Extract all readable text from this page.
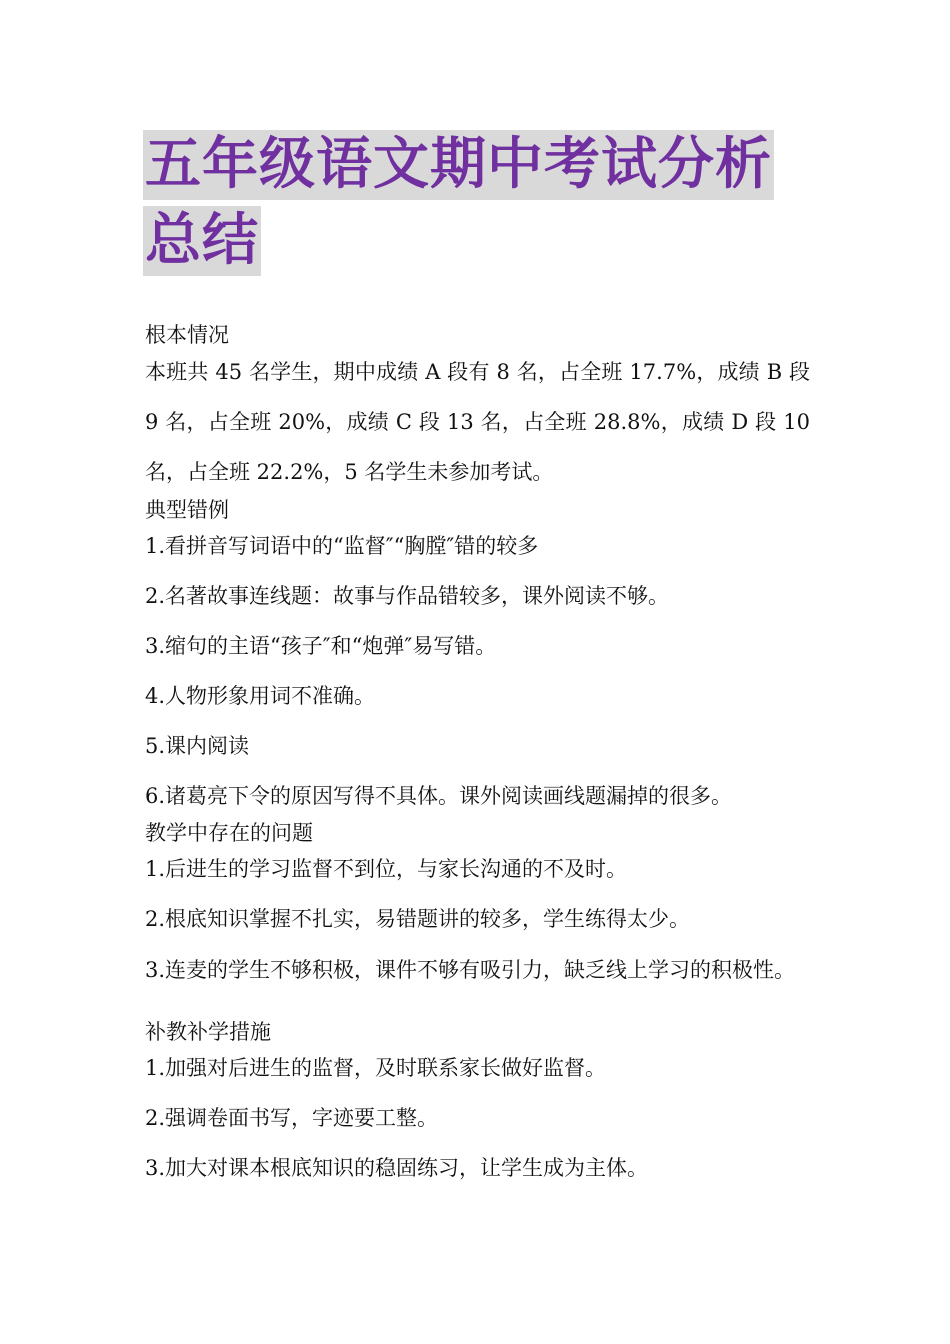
五年级语文期中考试分析
总结
根本情况
本班共 45 名学生，期中成绩 A 段有 8 名，占全班 17.7%，成绩 B 段 9 名，占全班 20%，成绩 C 段 13 名，占全班 28.8%，成绩 D 段 10 名，占全班 22.2%，5 名学生未参加考试。
典型错例
1.看拼音写词语中的“监督″“胸膛″错的较多
2.名著故事连线题：故事与作品错较多，课外阅读不够。
3.缩句的主语“孩子″和“炮弹″易写错。
4.人物形象用词不准确。
5.课内阅读
6.诸葛亮下令的原因写得不具体。课外阅读画线题漏掉的很多。
教学中存在的问题
1.后进生的学习监督不到位，与家长沟通的不及时。
2.根底知识掌握不扎实，易错题讲的较多，学生练得太少。
3.连麦的学生不够积极，课件不够有吸引力，缺乏线上学习的积极性。
补教补学措施
1.加强对后进生的监督，及时联系家长做好监督。
2.强调卷面书写，字迹要工整。
3.加大对课本根底知识的稳固练习，让学生成为主体。
